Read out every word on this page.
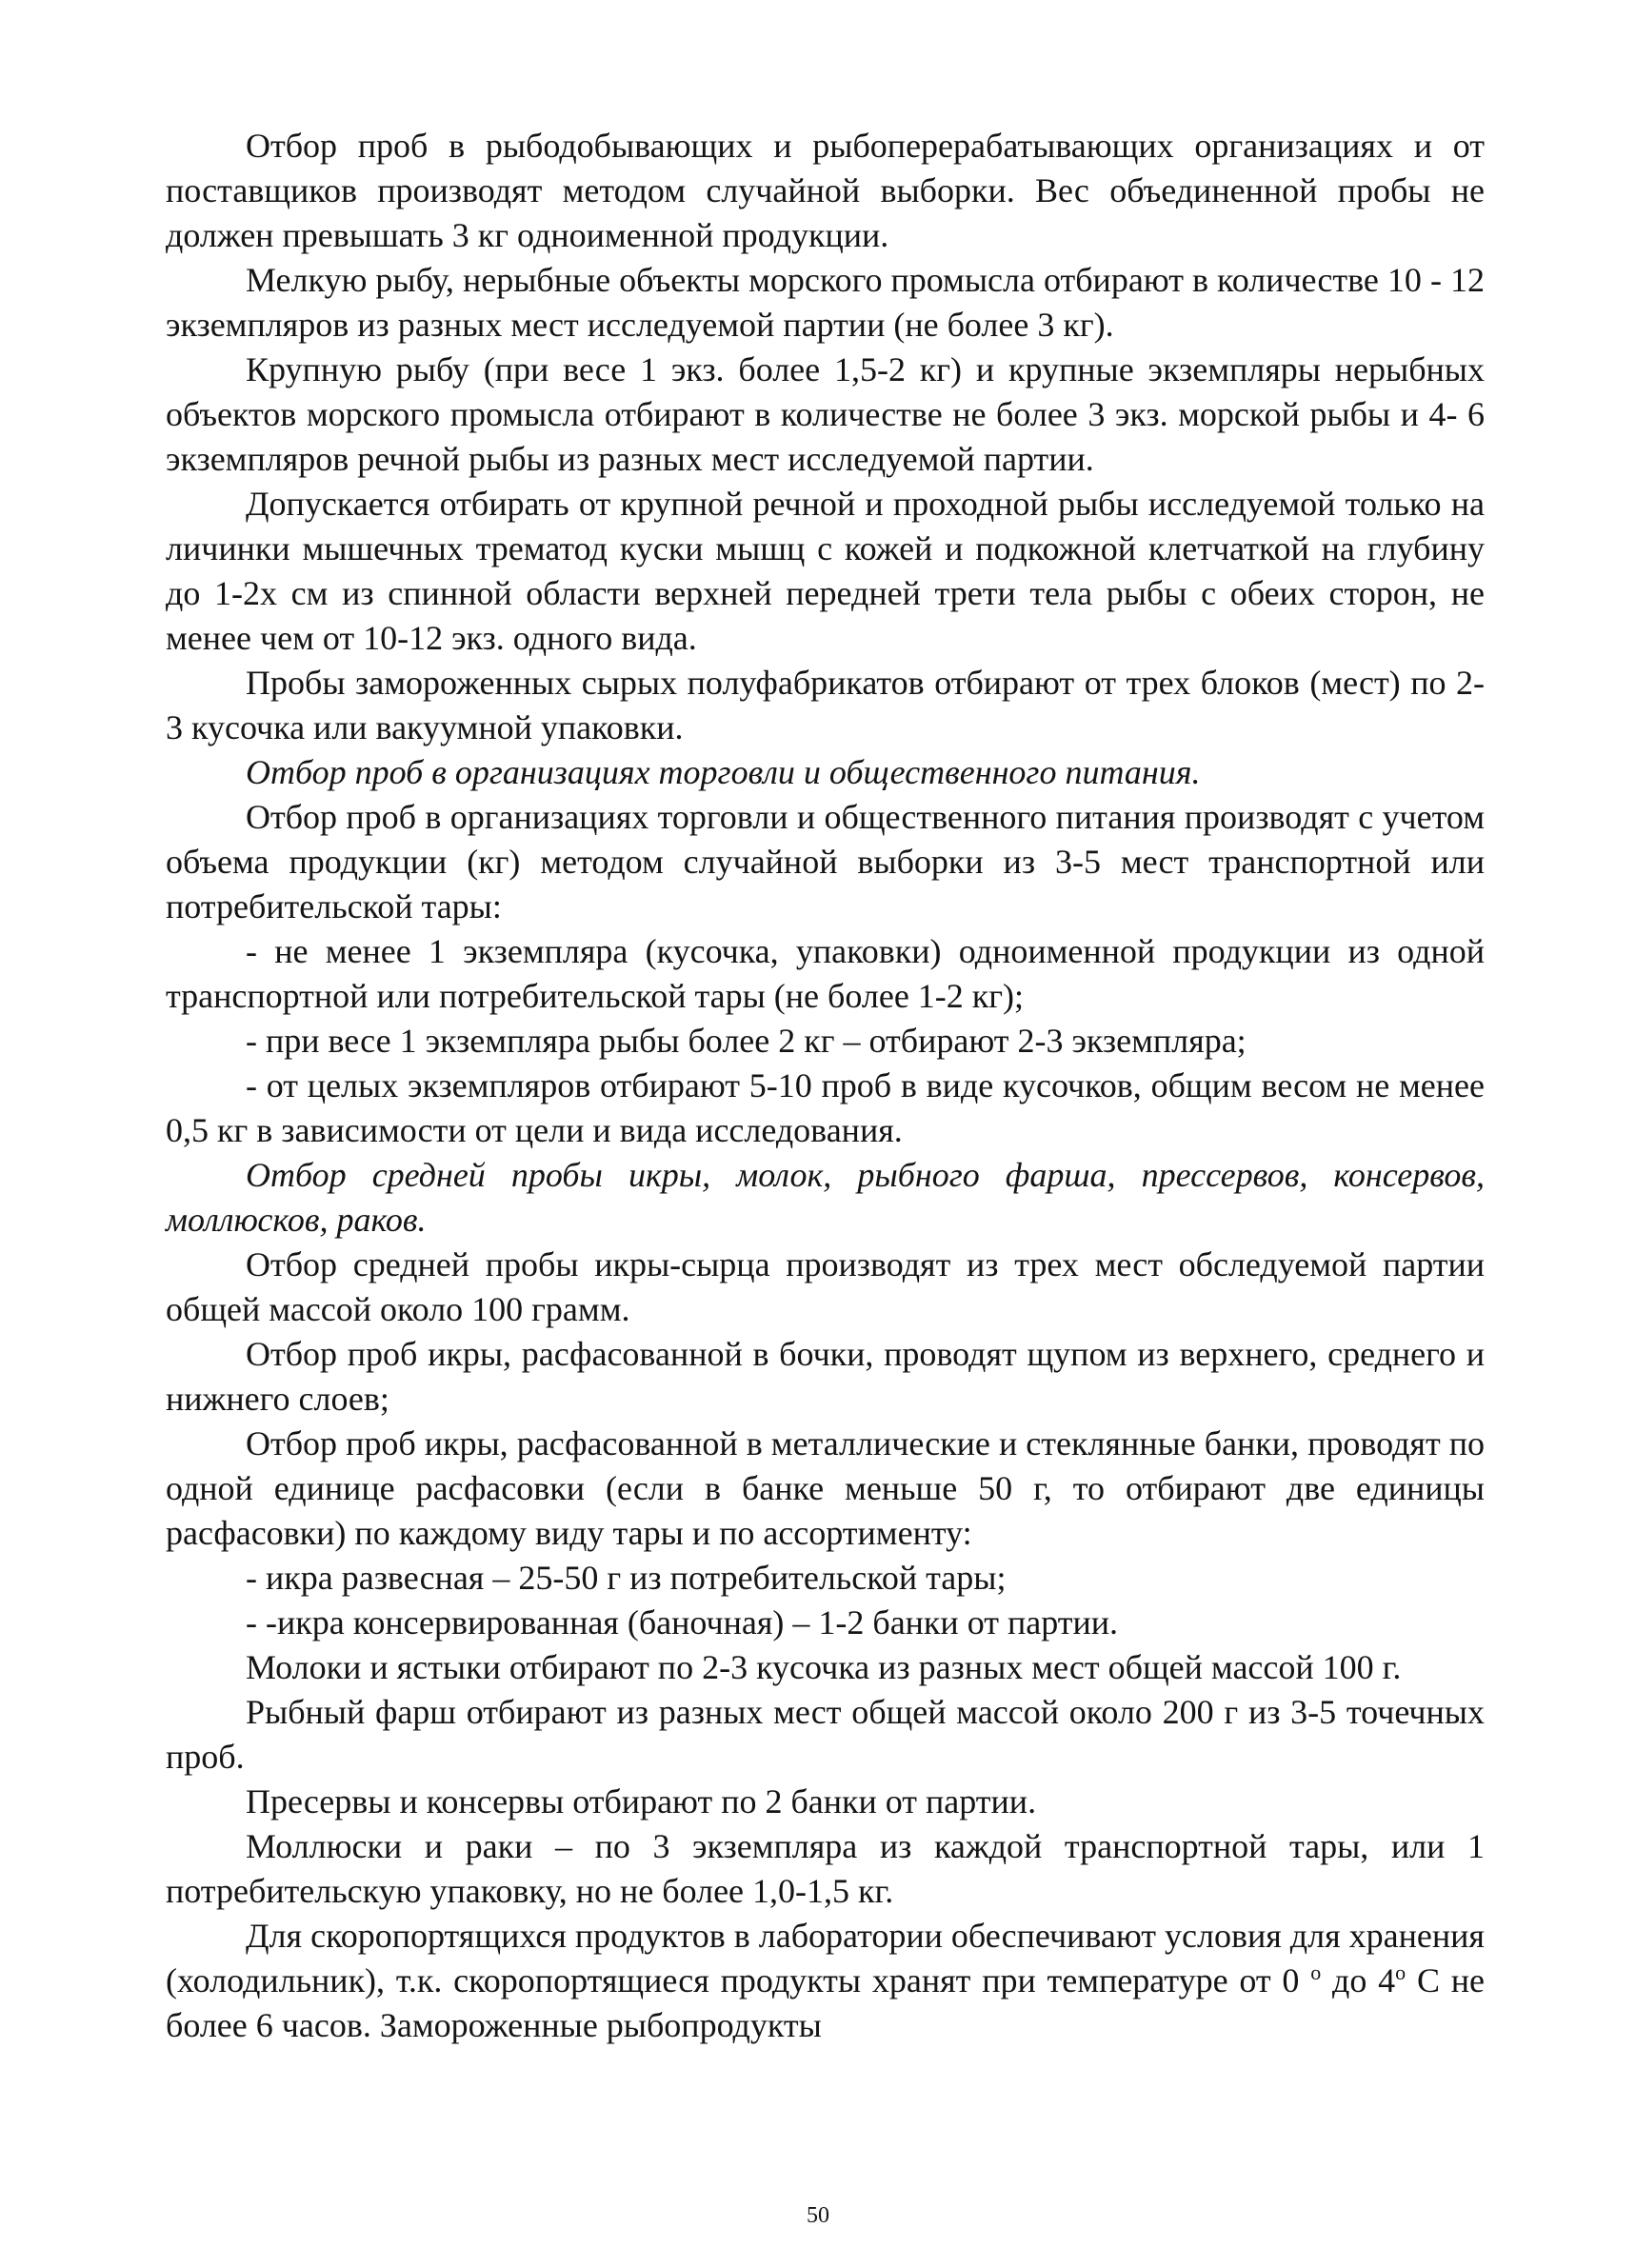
Отбор проб в рыбодобывающих и рыбоперерабатывающих организациях и от поставщиков производят методом случайной выборки. Вес объединенной пробы не должен превышать 3 кг одноименной продукции.

Мелкую рыбу, нерыбные объекты морского промысла отбирают в количестве 10 - 12 экземпляров из разных мест исследуемой партии (не более 3 кг).

Крупную рыбу (при весе 1 экз. более 1,5-2 кг) и крупные экземпляры нерыбных объектов морского промысла отбирают в количестве не более 3 экз. морской рыбы и 4- 6 экземпляров речной рыбы из разных мест исследуемой партии.

Допускается отбирать от крупной речной и проходной рыбы исследуемой только на личинки мышечных трематод куски мышц с кожей и подкожной клетчаткой на глубину до 1-2х см из спинной области верхней передней трети тела рыбы с обеих сторон, не менее чем от 10-12 экз. одного вида.

Пробы замороженных сырых полуфабрикатов отбирают от трех блоков (мест) по 2-3 кусочка или вакуумной упаковки.

Отбор проб в организациях торговли и общественного питания.

Отбор проб в организациях торговли и общественного питания производят с учетом объема продукции (кг) методом случайной выборки из 3-5 мест транспортной или потребительской тары:

- не менее 1 экземпляра (кусочка, упаковки) одноименной продукции из одной транспортной или потребительской тары (не более 1-2 кг);

- при весе 1 экземпляра рыбы более 2 кг – отбирают 2-3 экземпляра;

- от целых экземпляров отбирают 5-10 проб в виде кусочков, общим весом не менее 0,5 кг в зависимости от цели и вида исследования.

Отбор средней пробы икры, молок, рыбного фарша, прессервов, консервов, моллюсков, раков.

Отбор средней пробы икры-сырца производят из трех мест обследуемой партии общей массой около 100 грамм.

Отбор проб икры, расфасованной в бочки, проводят щупом из верхнего, среднего и нижнего слоев;

Отбор проб икры, расфасованной в металлические и стеклянные банки, проводят по одной единице расфасовки (если в банке меньше 50 г, то отбирают две единицы расфасовки) по каждому виду тары и по ассортименту:

- икра развесная – 25-50 г из потребительской тары;

- -икра консервированная (баночная) – 1-2 банки от партии.

Молоки и ястыки отбирают по 2-3 кусочка из разных мест общей массой 100 г.

Рыбный фарш отбирают из разных мест общей массой около 200 г из 3-5 точечных проб.

Пресервы и консервы отбирают по 2 банки от партии.

Моллюски и раки – по 3 экземпляра из каждой транспортной тары, или 1 потребительскую упаковку, но не более 1,0-1,5 кг.

Для скоропортящихся продуктов в лаборатории обеспечивают условия для хранения (холодильник), т.к. скоропортящиеся продукты хранят при температуре от 0 $^o$ до 4$^o$ С не более 6 часов. Замороженные рыбопродукты

50
